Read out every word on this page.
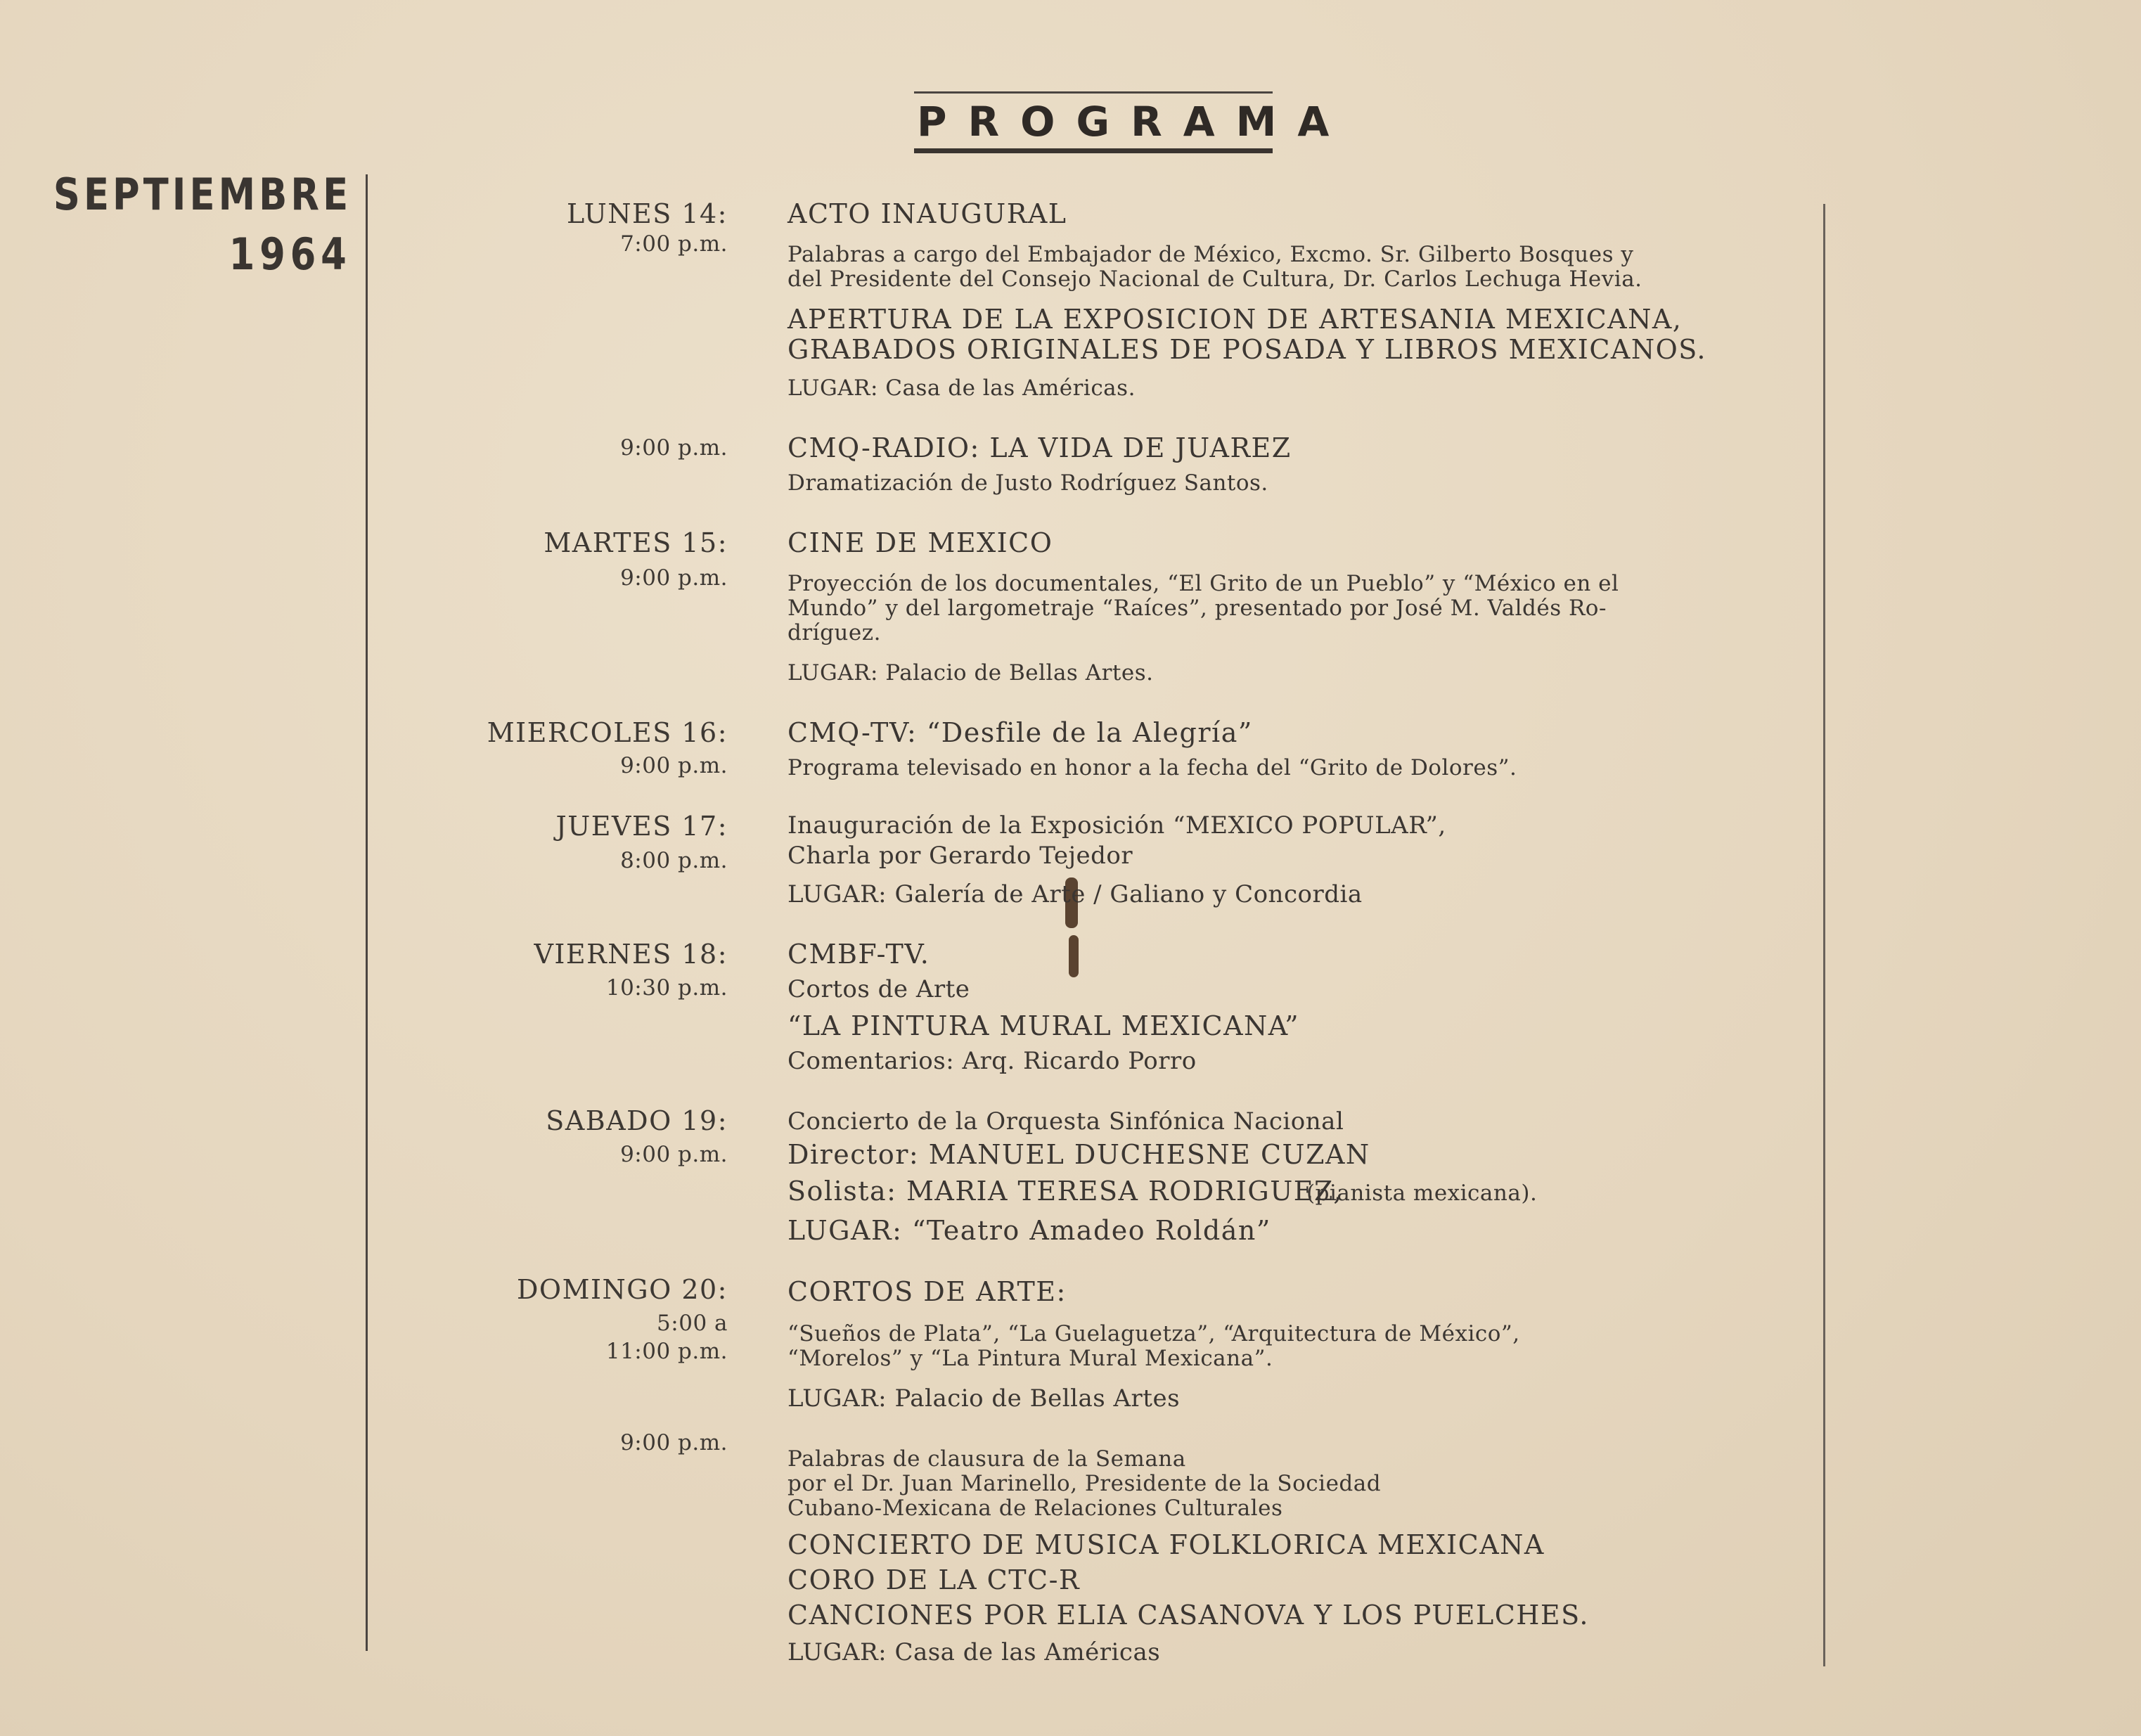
PROGRAMA
SEPTIEMBRE
1964
LUNES 14:
7:00 p.m.
ACTO INAUGURAL
Palabras a cargo del Embajador de México, Excmo. Sr. Gilberto Bosques y
del Presidente del Consejo Nacional de Cultura, Dr. Carlos Lechuga Hevia.
APERTURA DE LA EXPOSICION DE ARTESANIA MEXICANA,
GRABADOS ORIGINALES DE POSADA Y LIBROS MEXICANOS.
LUGAR: Casa de las Américas.
9:00 p.m. CMQ-RADIO: LA VIDA DE JUAREZ
Dramatización de Justo Rodríguez Santos.
MARTES 15:
9:00 p.m.
CINE DE MEXICO
Proyección de los documentales, “El Grito de un Pueblo” y “México en el
Mundo” y del largometraje “Raíces”, presentado por José M. Valdés Ro-
dríguez.
LUGAR: Palacio de Bellas Artes.
MIERCOLES 16:
9:00 p.m.
CMQ-TV: “Desfile de la Alegría”
Programa televisado en honor a la fecha del “Grito de Dolores”.
JUEVES 17:
8:00 p.m.
Inauguración de la Exposición “MEXICO POPULAR”,
Charla por Gerardo Tejedor
LUGAR: Galería de Arte / Galiano y Concordia
VIERNES 18:
10:30 p.m.
CMBF-TV.
Cortos de Arte
“LA PINTURA MURAL MEXICANA”
Comentarios: Arq. Ricardo Porro
SABADO 19:
9:00 p.m.
Concierto de la Orquesta Sinfónica Nacional
Director: MANUEL DUCHESNE CUZAN
Solista: MARIA TERESA RODRIGUEZ,
(pianista mexicana).
LUGAR: “Teatro Amadeo Roldán”
DOMINGO 20:
5:00 a
11:00 p.m.
CORTOS DE ARTE:
“Sueños de Plata”, “La Guelaguetza”, “Arquitectura de México”,
“Morelos” y “La Pintura Mural Mexicana”.
LUGAR: Palacio de Bellas Artes
9:00 p.m.
Palabras de clausura de la Semana
por el Dr. Juan Marinello, Presidente de la Sociedad
Cubano-Mexicana de Relaciones Culturales
CONCIERTO DE MUSICA FOLKLORICA MEXICANA
CORO DE LA CTC-R
CANCIONES POR ELIA CASANOVA Y LOS PUELCHES.
LUGAR: Casa de las Américas
